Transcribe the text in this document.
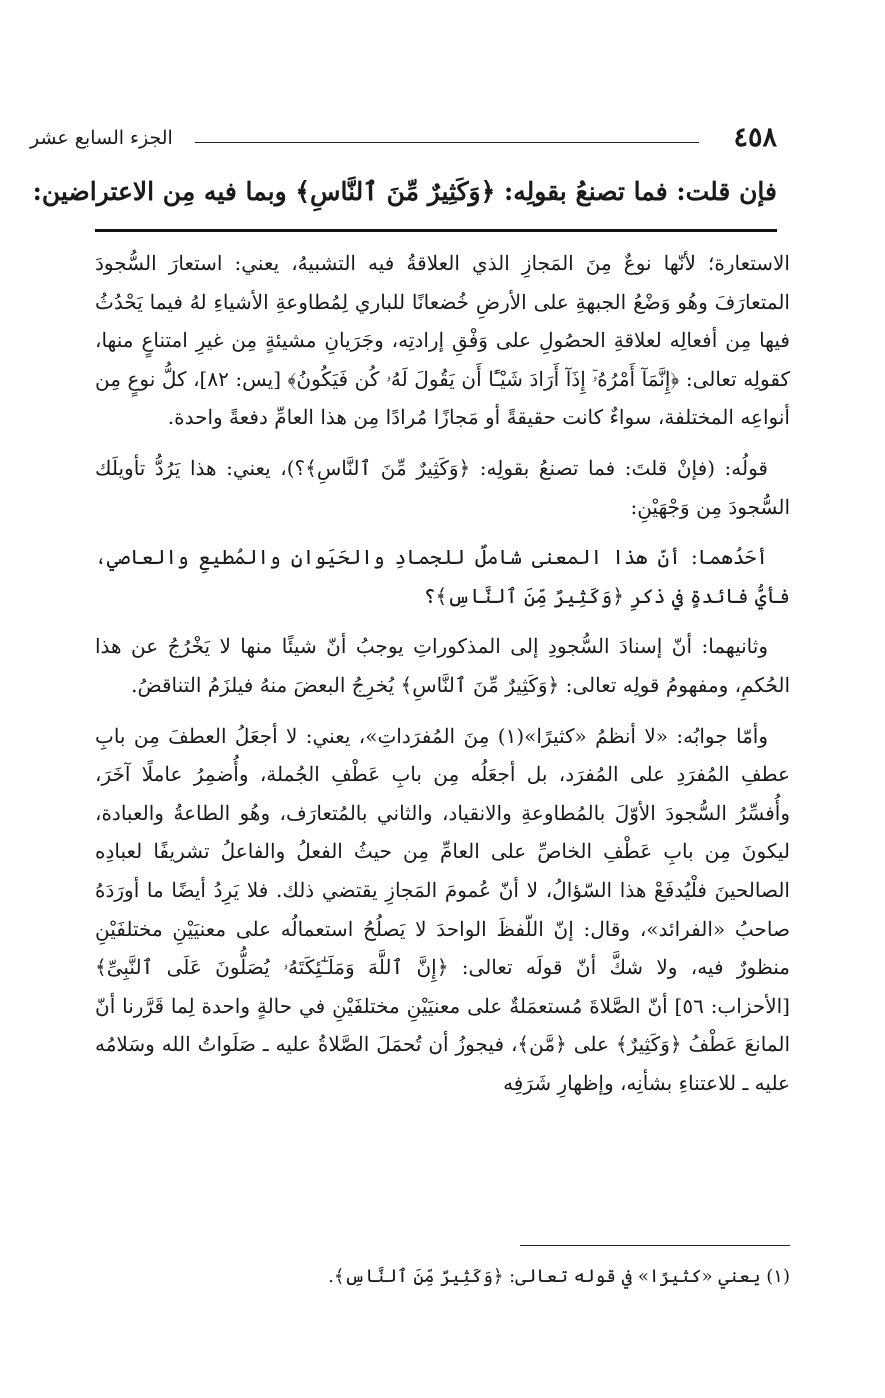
٤٥٨
الجزء السابع عشر
فإن قلت: فما تصنعُ بقولِه: ﴿وَكَثِيرٌ مِّنَ ٱلنَّاسِ﴾ وبما فيه مِن الاعتراضين:

الاستعارة؛ لأنّها نوعٌ مِنَ المَجازِ الذي العلاقةُ فيه التشبيهُ، يعني: استعارَ السُّجودَ المتعارَفَ وهُو وَضْعُ الجبهةِ على الأرضِ خُضعانًا للباري لِمُطاوعةِ الأشياءِ لهُ فيما يَحْدُثُ فيها مِن أفعالِه لعلاقةِ الحصُولِ على وَفْقِ إرادتِه، وجَرَيانِ مشيئةٍ مِن غيرِ امتناعٍ منها، كقولِه تعالى: ﴿إِنَّمَآ أَمْرُهُۥٓ إِذَآ أَرَادَ شَيْـًٔا أَن يَقُولَ لَهُۥ كُن فَيَكُونُ﴾ [يس: ٨٢]، كلُّ نوعٍ مِن أنواعِه المختلفة، سواءٌ كانت حقيقةً أو مَجازًا مُرادًا مِن هذا العامِّ دفعةً واحدة.

قولُه: (فإنْ قلتَ: فما تصنعُ بقولِه: ﴿وَكَثِيرٌ مِّنَ ٱلنَّاسِ﴾؟)، يعني: هذا يَرُدُّ تأويلَك السُّجودَ مِن وَجْهَيْنِ:

أحَدُهما: أنّ هذا المعنى شاملٌ للجمادِ والحَيَوانِ والمُطيعِ والعاصي، فأيُّ فائدةٍ في ذكرِ ﴿وَكَثِيرٌ مِّنَ ٱلنَّاسِ﴾؟

وثانيهما: أنّ إسنادَ السُّجودِ إلى المذكوراتِ يوجبُ أنّ شيئًا منها لا يَخْرُجُ عن هذا الحُكمِ، ومفهومُ قولِه تعالى: ﴿وَكَثِيرٌ مِّنَ ٱلنَّاسِ﴾ يُخرِجُ البعضَ منهُ فيلزَمُ التناقضُ.

وأمّا جوابُه: «لا أنظمُ «كثيرًا»(١) مِنَ المُفرَداتِ»، يعني: لا أجعَلُ العطفَ مِن بابِ عطفِ المُفرَدِ على المُفرَد، بل أجعَلُه مِن بابِ عَطْفِ الجُملة، وأُضمِرُ عاملًا آخَرَ، وأُفسِّرُ السُّجودَ الأوّلَ بالمُطاوعةِ والانقياد، والثاني بالمُتعارَف، وهُو الطاعةُ والعبادة، ليكونَ مِن بابِ عَطْفِ الخاصِّ على العامِّ مِن حيثُ الفعلُ والفاعلُ تشريفًا لعبادِه الصالحينَ فلْيُدفَعْ هذا السّؤالُ، لا أنّ عُمومَ المَجازِ يقتضي ذلك. فلا يَرِدُ أيضًا ما أورَدَهُ صاحبُ «الفرائد»، وقال: إنّ اللّفظَ الواحدَ لا يَصلُحُ استعمالُه على معنيَيْنِ مختلفَيْنِ منظورٌ فيه، ولا شكَّ أنّ قولَه تعالى: ﴿إِنَّ ٱللَّهَ وَمَلَـٰٓئِكَتَهُۥ يُصَلُّونَ عَلَى ٱلنَّبِىِّ﴾ [الأحزاب: ٥٦] أنّ الصَّلاةَ مُستعمَلةٌ على معنيَيْنِ مختلفَيْنِ في حالةٍ واحدة لِما قَرَّرنا أنّ المانعَ عَطْفُ ﴿وَكَثِيرٌ﴾ على ﴿مَّن﴾، فيجوزُ أن تُحمَلَ الصَّلاةُ عليه ـ صَلَواتُ الله وسَلامُه عليه ـ للاعتناءِ بشأنِه، وإظهارِ شَرَفِه

(١) يعني «كثيرًا» في قوله تعالى: ﴿وَكَثِيرٌ مِّنَ ٱلنَّاسِ﴾.
